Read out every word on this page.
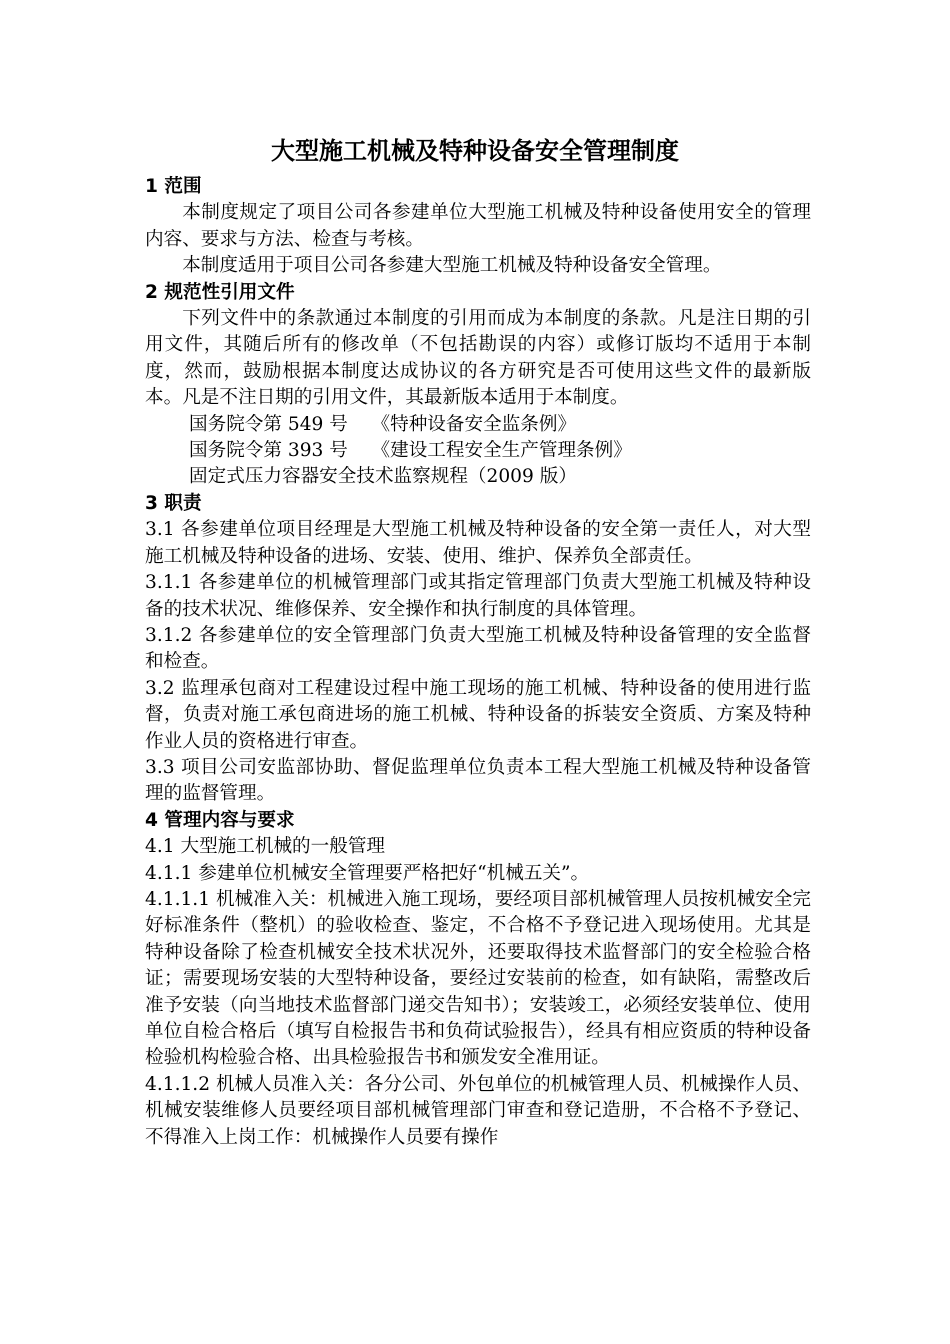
大型施工机械及特种设备安全管理制度

1 范围

本制度规定了项目公司各参建单位大型施工机械及特种设备使用安全的管理内容、要求与方法、检查与考核。

本制度适用于项目公司各参建大型施工机械及特种设备安全管理。

2 规范性引用文件

下列文件中的条款通过本制度的引用而成为本制度的条款。凡是注日期的引用文件，其随后所有的修改单（不包括勘误的内容）或修订版均不适用于本制度，然而，鼓励根据本制度达成协议的各方研究是否可使用这些文件的最新版本。凡是不注日期的引用文件，其最新版本适用于本制度。

国务院令第 549 号    《特种设备安全监条例》

国务院令第 393 号    《建设工程安全生产管理条例》

固定式压力容器安全技术监察规程（2009 版）

3 职责

3.1 各参建单位项目经理是大型施工机械及特种设备的安全第一责任人，对大型施工机械及特种设备的进场、安装、使用、维护、保养负全部责任。

3.1.1 各参建单位的机械管理部门或其指定管理部门负责大型施工机械及特种设备的技术状况、维修保养、安全操作和执行制度的具体管理。

3.1.2 各参建单位的安全管理部门负责大型施工机械及特种设备管理的安全监督和检查。

3.2 监理承包商对工程建设过程中施工现场的施工机械、特种设备的使用进行监督，负责对施工承包商进场的施工机械、特种设备的拆装安全资质、方案及特种作业人员的资格进行审查。

3.3 项目公司安监部协助、督促监理单位负责本工程大型施工机械及特种设备管理的监督管理。

4 管理内容与要求

4.1 大型施工机械的一般管理

4.1.1 参建单位机械安全管理要严格把好“机械五关”。

4.1.1.1 机械准入关：机械进入施工现场，要经项目部机械管理人员按机械安全完好标准条件（整机）的验收检查、鉴定，不合格不予登记进入现场使用。尤其是特种设备除了检查机械安全技术状况外，还要取得技术监督部门的安全检验合格证；需要现场安装的大型特种设备，要经过安装前的检查，如有缺陷，需整改后准予安装（向当地技术监督部门递交告知书）；安装竣工，必须经安装单位、使用单位自检合格后（填写自检报告书和负荷试验报告），经具有相应资质的特种设备检验机构检验合格、出具检验报告书和颁发安全准用证。

4.1.1.2 机械人员准入关：各分公司、外包单位的机械管理人员、机械操作人员、机械安装维修人员要经项目部机械管理部门审查和登记造册，不合格不予登记、不得准入上岗工作：机械操作人员要有操作
